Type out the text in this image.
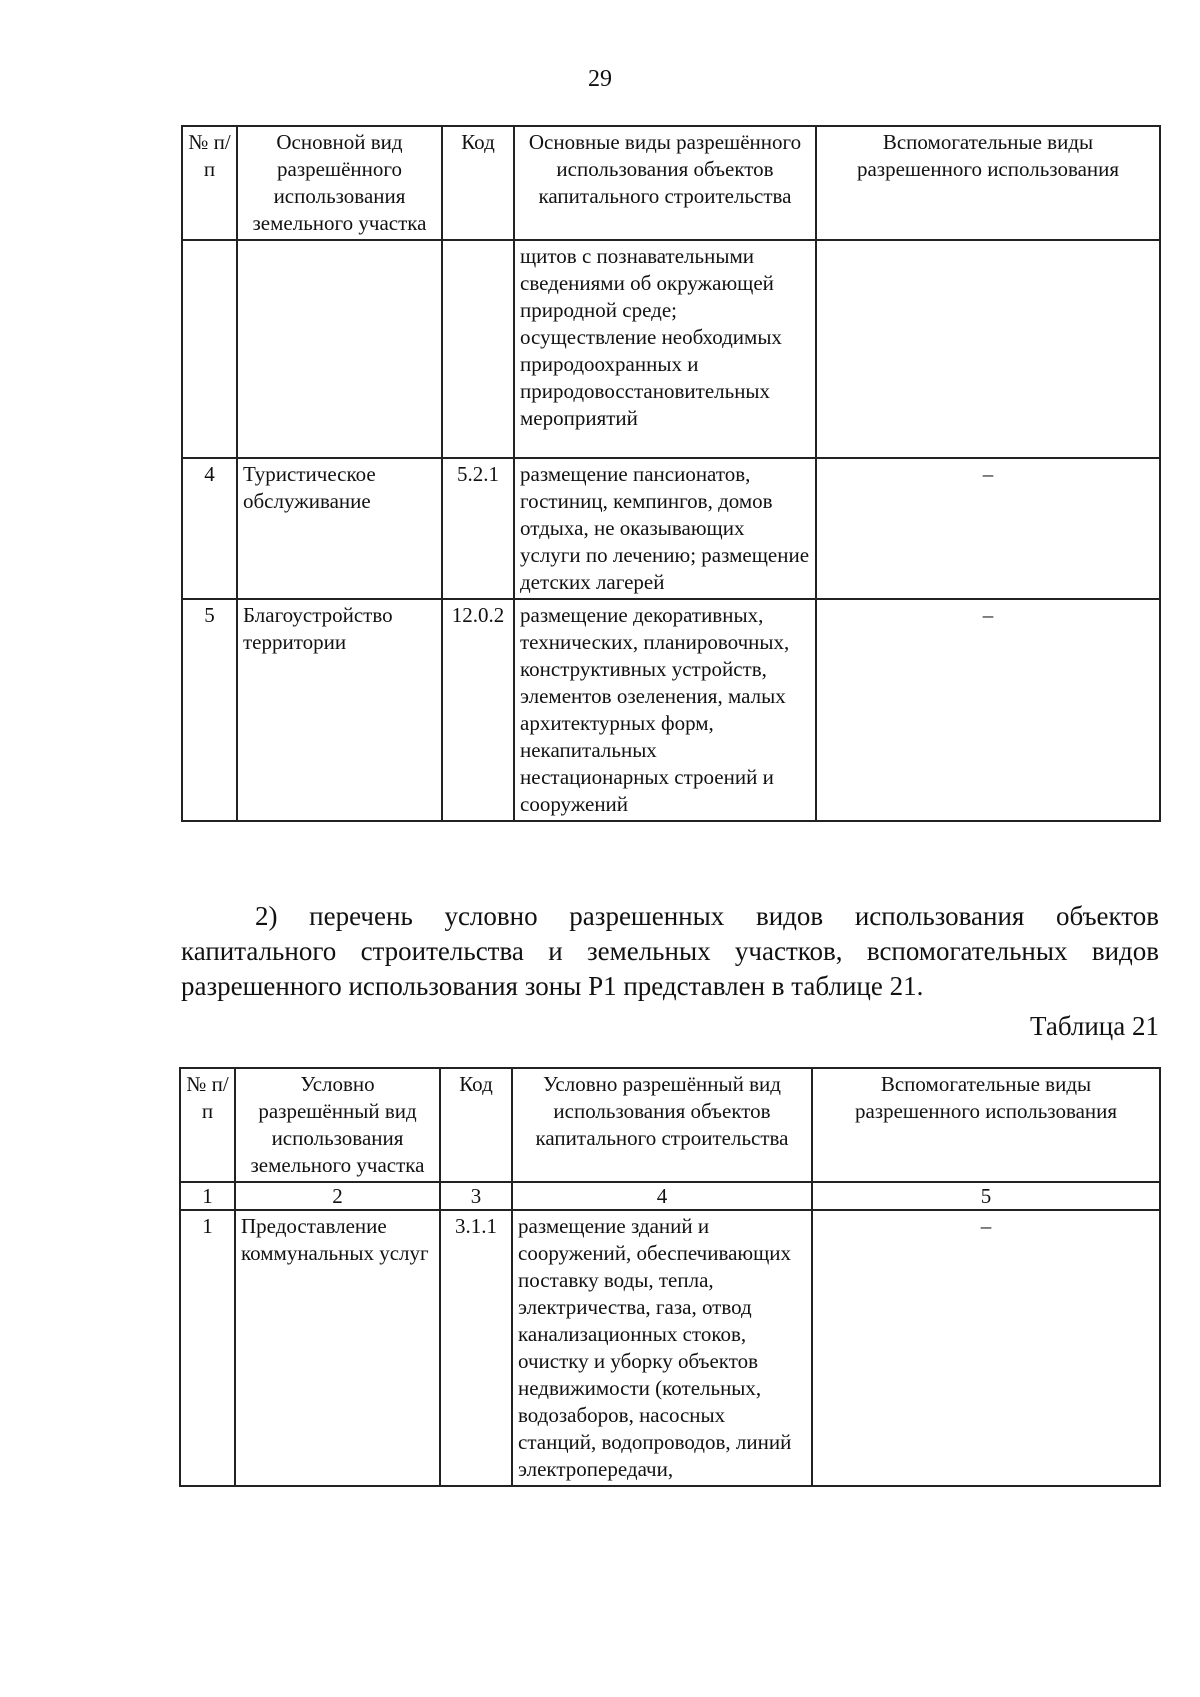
29
№ п/п	Основной вид разрешённого использования земельного участка	Код	Основные виды разрешённого использования объектов капитального строительства	Вспомогательные виды разрешенного использования
			щитов с познавательными сведениями об окружающей природной среде; осуществление необходимых природоохранных и природовосстановительных мероприятий	
4	Туристическое обслуживание	5.2.1	размещение пансионатов, гостиниц, кемпингов, домов отдыха, не оказывающих услуги по лечению; размещение детских лагерей	–
5	Благоустройство территории	12.0.2	размещение декоративных, технических, планировочных, конструктивных устройств, элементов озеленения, малых архитектурных форм, некапитальных нестационарных строений и сооружений	–

2) перечень условно разрешенных видов использования объектов капитального строительства и земельных участков, вспомогательных видов разрешенного использования зоны Р1 представлен в таблице 21.

Таблица 21
№ п/п	Условно разрешённый вид использования земельного участка	Код	Условно разрешённый вид использования объектов капитального строительства	Вспомогательные виды разрешенного использования
1	2	3	4	5
1	Предоставление коммунальных услуг	3.1.1	размещение зданий и сооружений, обеспечивающих поставку воды, тепла, электричества, газа, отвод канализационных стоков, очистку и уборку объектов недвижимости (котельных, водозаборов, насосных станций, водопроводов, линий электропередачи,	–
